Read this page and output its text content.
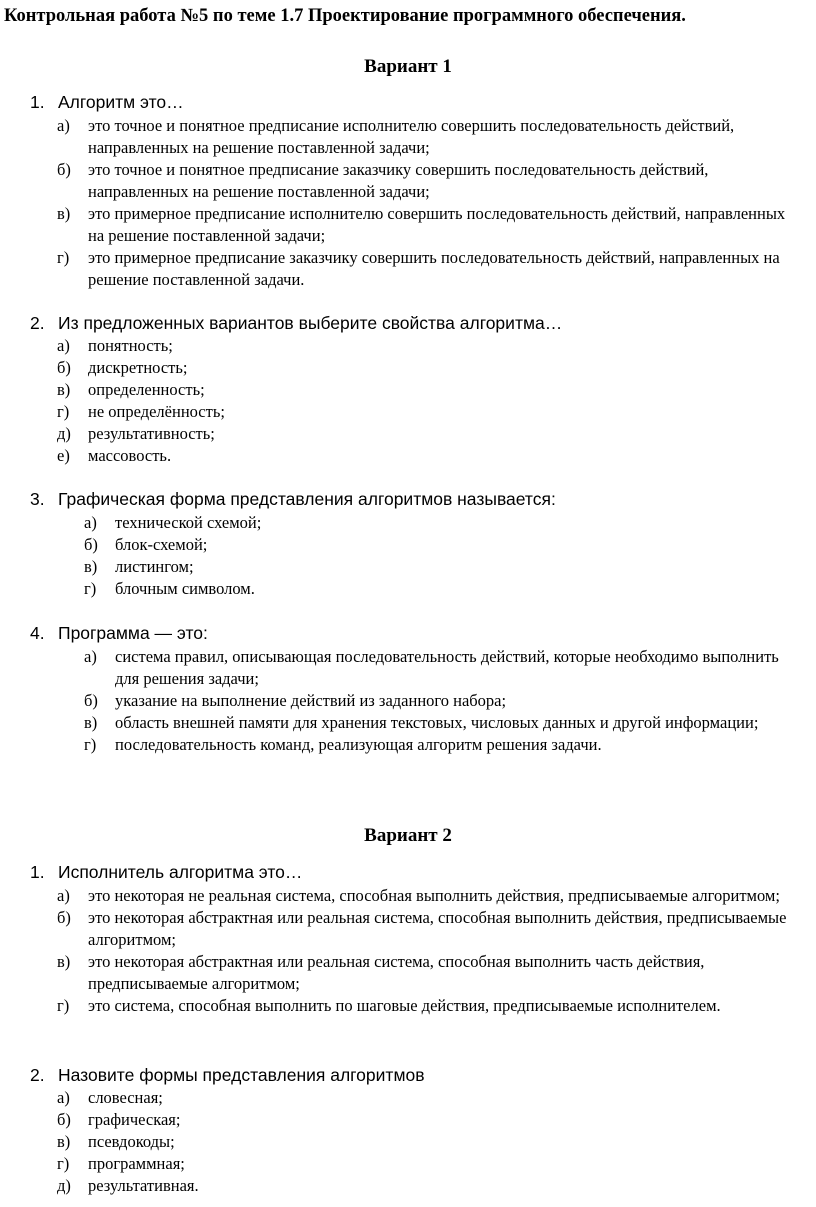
Контрольная работа №5 по теме 1.7 Проектирование программного обеспечения.
Вариант 1
1. Алгоритм это…
а) это точное и понятное предписание исполнителю совершить последовательность действий, направленных на решение поставленной задачи;
б) это точное и понятное предписание заказчику совершить последовательность действий, направленных на решение поставленной задачи;
в) это примерное предписание исполнителю совершить последовательность действий, направленных на решение поставленной задачи;
г) это примерное предписание заказчику совершить последовательность действий, направленных на решение поставленной задачи.
2. Из предложенных вариантов выберите свойства алгоритма…
а) понятность;
б) дискретность;
в) определенность;
г) не определённость;
д) результативность;
е) массовость.
3. Графическая форма представления алгоритмов называется:
а) технической схемой;
б) блок-схемой;
в) листингом;
г) блочным символом.
4. Программа — это:
а) система правил, описывающая последовательность действий, которые необходимо выполнить для решения задачи;
б) указание на выполнение действий из заданного набора;
в) область внешней памяти для хранения текстовых, числовых данных и другой информации;
г) последовательность команд, реализующая алгоритм решения задачи.
Вариант 2
1. Исполнитель алгоритма это…
а) это некоторая не реальная система, способная выполнить действия, предписываемые алгоритмом;
б) это некоторая абстрактная или реальная система, способная выполнить действия, предписываемые алгоритмом;
в) это некоторая абстрактная или реальная система, способная выполнить часть действия, предписываемые алгоритмом;
г) это система, способная выполнить по шаговые действия, предписываемые исполнителем.
2. Назовите формы представления алгоритмов
а) словесная;
б) графическая;
в) псевдокоды;
г) программная;
д) результативная.
